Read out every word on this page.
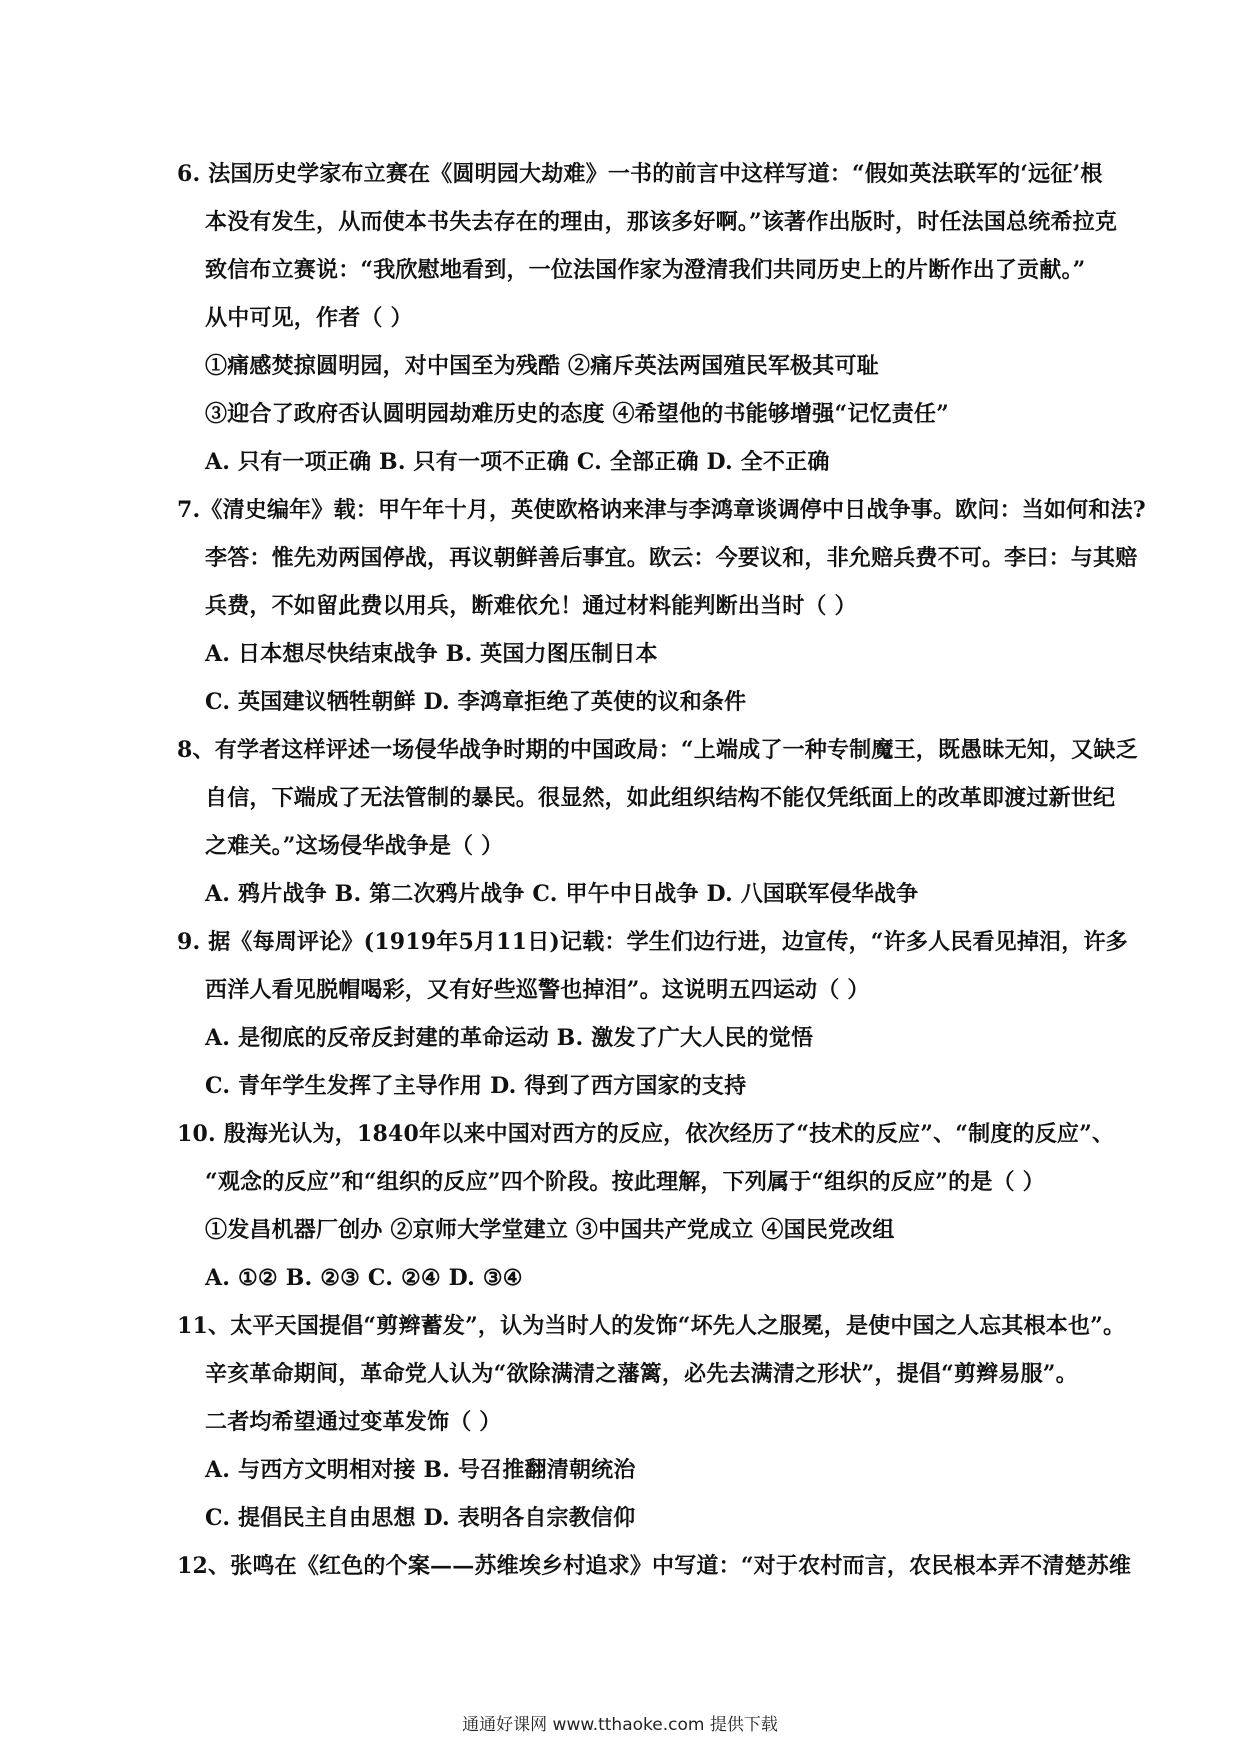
6. 法国历史学家布立赛在《圆明园大劫难》一书的前言中这样写道：“假如英法联军的‘远征’根
本没有发生，从而使本书失去存在的理由，那该多好啊。”该著作出版时，时任法国总统希拉克
致信布立赛说：“我欣慰地看到，一位法国作家为澄清我们共同历史上的片断作出了贡献。”
从中可见，作者（ ）
①痛感焚掠圆明园，对中国至为残酷 ②痛斥英法两国殖民军极其可耻
③迎合了政府否认圆明园劫难历史的态度 ④希望他的书能够增强“记忆责任”
A. 只有一项正确 B. 只有一项不正确 C. 全部正确 D. 全不正确
7.《清史编年》载：甲午年十月，英使欧格讷来津与李鸿章谈调停中日战争事。欧问：当如何和法?
李答：惟先劝两国停战，再议朝鲜善后事宜。欧云：今要议和，非允赔兵费不可。李曰：与其赔
兵费，不如留此费以用兵，断难依允！通过材料能判断出当时（ ）
A. 日本想尽快结束战争 B. 英国力图压制日本
C. 英国建议牺牲朝鲜 D. 李鸿章拒绝了英使的议和条件
8、有学者这样评述一场侵华战争时期的中国政局：“上端成了一种专制魔王，既愚昧无知，又缺乏
自信，下端成了无法管制的暴民。很显然，如此组织结构不能仅凭纸面上的改革即渡过新世纪
之难关。”这场侵华战争是（ ）
A. 鸦片战争 B. 第二次鸦片战争 C. 甲午中日战争 D. 八国联军侵华战争
9. 据《每周评论》(1919年5月11日)记载：学生们边行进，边宣传，“许多人民看见掉泪，许多
西洋人看见脱帽喝彩，又有好些巡警也掉泪”。这说明五四运动（ ）
A. 是彻底的反帝反封建的革命运动 B. 激发了广大人民的觉悟
C. 青年学生发挥了主导作用 D. 得到了西方国家的支持
10. 殷海光认为，1840年以来中国对西方的反应，依次经历了“技术的反应”、“制度的反应”、
“观念的反应”和“组织的反应”四个阶段。按此理解，下列属于“组织的反应”的是（ ）
①发昌机器厂创办 ②京师大学堂建立 ③中国共产党成立 ④国民党改组
A. ①② B. ②③ C. ②④ D. ③④
11、太平天国提倡“剪辫蓄发”，认为当时人的发饰“坏先人之服冕，是使中国之人忘其根本也”。
辛亥革命期间，革命党人认为“欲除满清之藩篱，必先去满清之形状”，提倡“剪辫易服”。
二者均希望通过变革发饰（ ）
A. 与西方文明相对接 B. 号召推翻清朝统治
C. 提倡民主自由思想 D. 表明各自宗教信仰
12、张鸣在《红色的个案——苏维埃乡村追求》中写道：“对于农村而言，农民根本弄不清楚苏维
通通好课网 www.tthaoke.com 提供下载
